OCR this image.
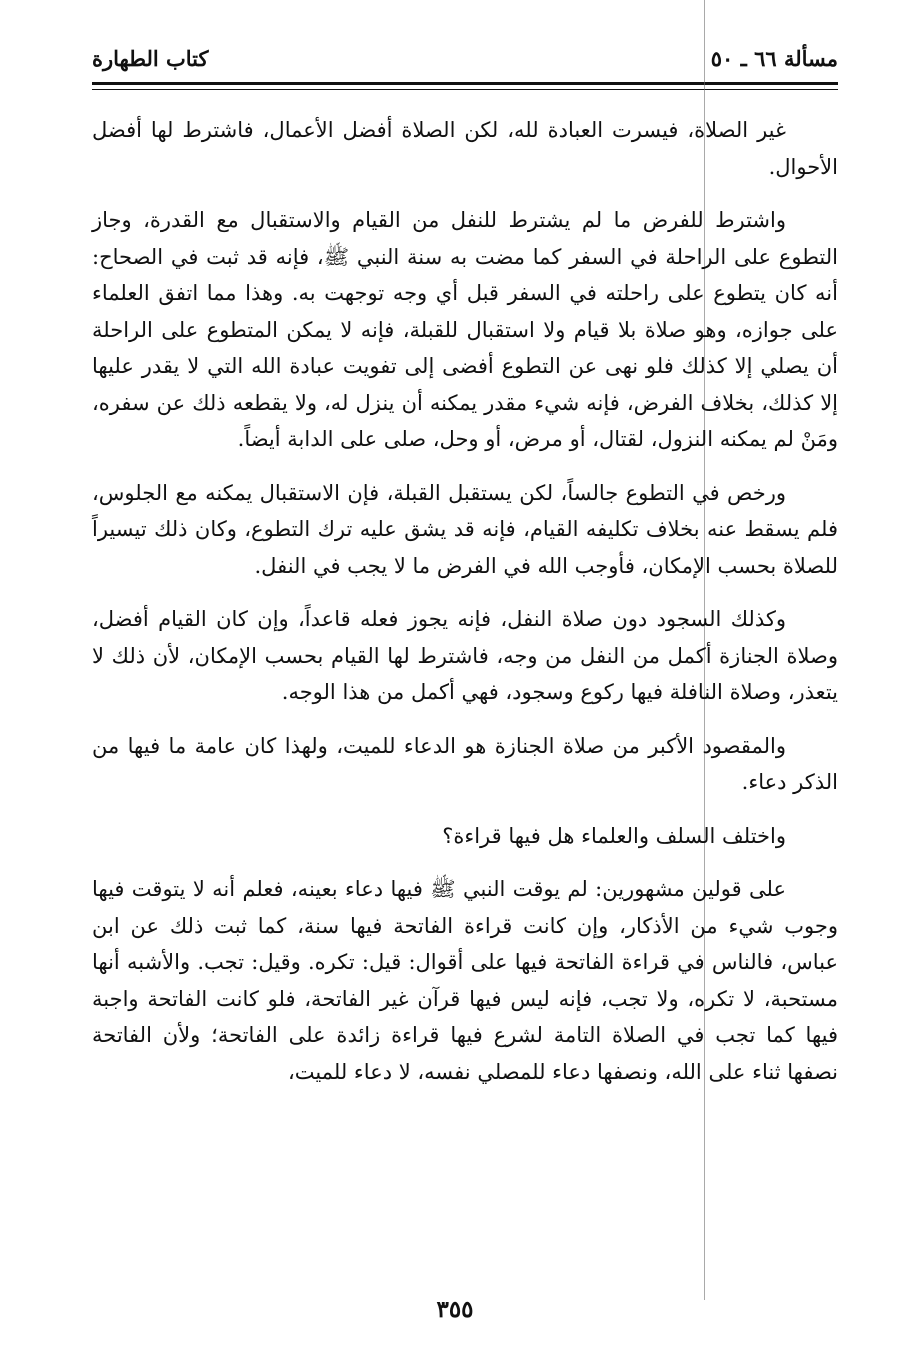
كتاب الطهارة	مسألة ٦٦ ـ ٥٠

غير الصلاة، فيسرت العبادة لله، لكن الصلاة أفضل الأعمال، فاشترط لها أفضل الأحوال.

واشترط للفرض ما لم يشترط للنفل من القيام والاستقبال مع القدرة، وجاز التطوع على الراحلة في السفر كما مضت به سنة النبي ﷺ، فإنه قد ثبت في الصحاح: أنه كان يتطوع على راحلته في السفر قبل أي وجه توجهت به. وهذا مما اتفق العلماء على جوازه، وهو صلاة بلا قيام ولا استقبال للقبلة، فإنه لا يمكن المتطوع على الراحلة أن يصلي إلا كذلك فلو نهى عن التطوع أفضى إلى تفويت عبادة الله التي لا يقدر عليها إلا كذلك، بخلاف الفرض، فإنه شيء مقدر يمكنه أن ينزل له، ولا يقطعه ذلك عن سفره، ومَنْ لم يمكنه النزول، لقتال، أو مرض، أو وحل، صلى على الدابة أيضاً.

ورخص في التطوع جالساً، لكن يستقبل القبلة، فإن الاستقبال يمكنه مع الجلوس، فلم يسقط عنه بخلاف تكليفه القيام، فإنه قد يشق عليه ترك التطوع، وكان ذلك تيسيراً للصلاة بحسب الإمكان، فأوجب الله في الفرض ما لا يجب في النفل.

وكذلك السجود دون صلاة النفل، فإنه يجوز فعله قاعداً، وإن كان القيام أفضل، وصلاة الجنازة أكمل من النفل من وجه، فاشترط لها القيام بحسب الإمكان، لأن ذلك لا يتعذر، وصلاة النافلة فيها ركوع وسجود، فهي أكمل من هذا الوجه.

والمقصود الأكبر من صلاة الجنازة هو الدعاء للميت، ولهذا كان عامة ما فيها من الذكر دعاء.

واختلف السلف والعلماء هل فيها قراءة؟

على قولين مشهورين: لم يوقت النبي ﷺ فيها دعاء بعينه، فعلم أنه لا يتوقت فيها وجوب شيء من الأذكار، وإن كانت قراءة الفاتحة فيها سنة، كما ثبت ذلك عن ابن عباس، فالناس في قراءة الفاتحة فيها على أقوال: قيل: تكره. وقيل: تجب. والأشبه أنها مستحبة، لا تكره، ولا تجب، فإنه ليس فيها قرآن غير الفاتحة، فلو كانت الفاتحة واجبة فيها كما تجب في الصلاة التامة لشرع فيها قراءة زائدة على الفاتحة؛ ولأن الفاتحة نصفها ثناء على الله، ونصفها دعاء للمصلي نفسه، لا دعاء للميت،

٣٥٥
